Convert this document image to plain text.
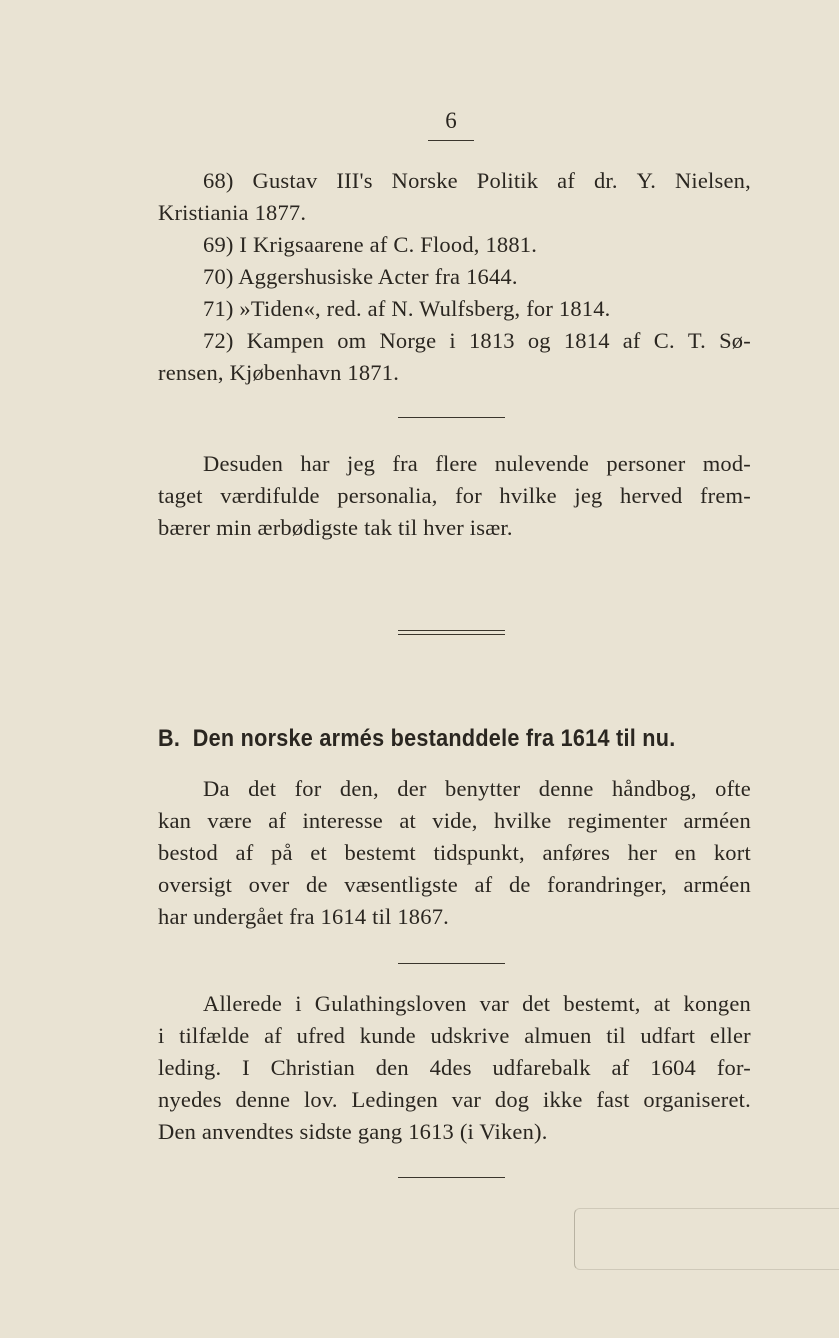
6
68) Gustav III's Norske Politik af dr. Y. Nielsen,
Kristiania 1877.
69) I Krigsaarene af C. Flood, 1881.
70) Aggershusiske Acter fra 1644.
71) »Tiden«, red. af N. Wulfsberg, for 1814.
72) Kampen om Norge i 1813 og 1814 af C. T. Sø-
rensen, Kjøbenhavn 1871.
Desuden har jeg fra flere nulevende personer mod-
taget værdifulde personalia, for hvilke jeg herved frem-
bærer min ærbødigste tak til hver især.
B. Den norske armés bestanddele fra 1614 til nu.
Da det for den, der benytter denne håndbog, ofte
kan være af interesse at vide, hvilke regimenter arméen
bestod af på et bestemt tidspunkt, anføres her en kort
oversigt over de væsentligste af de forandringer, arméen
har undergået fra 1614 til 1867.
Allerede i Gulathingsloven var det bestemt, at kongen
i tilfælde af ufred kunde udskrive almuen til udfart eller
leding. I Christian den 4des udfarebalk af 1604 for-
nyedes denne lov. Ledingen var dog ikke fast organiseret.
Den anvendtes sidste gang 1613 (i Viken).
